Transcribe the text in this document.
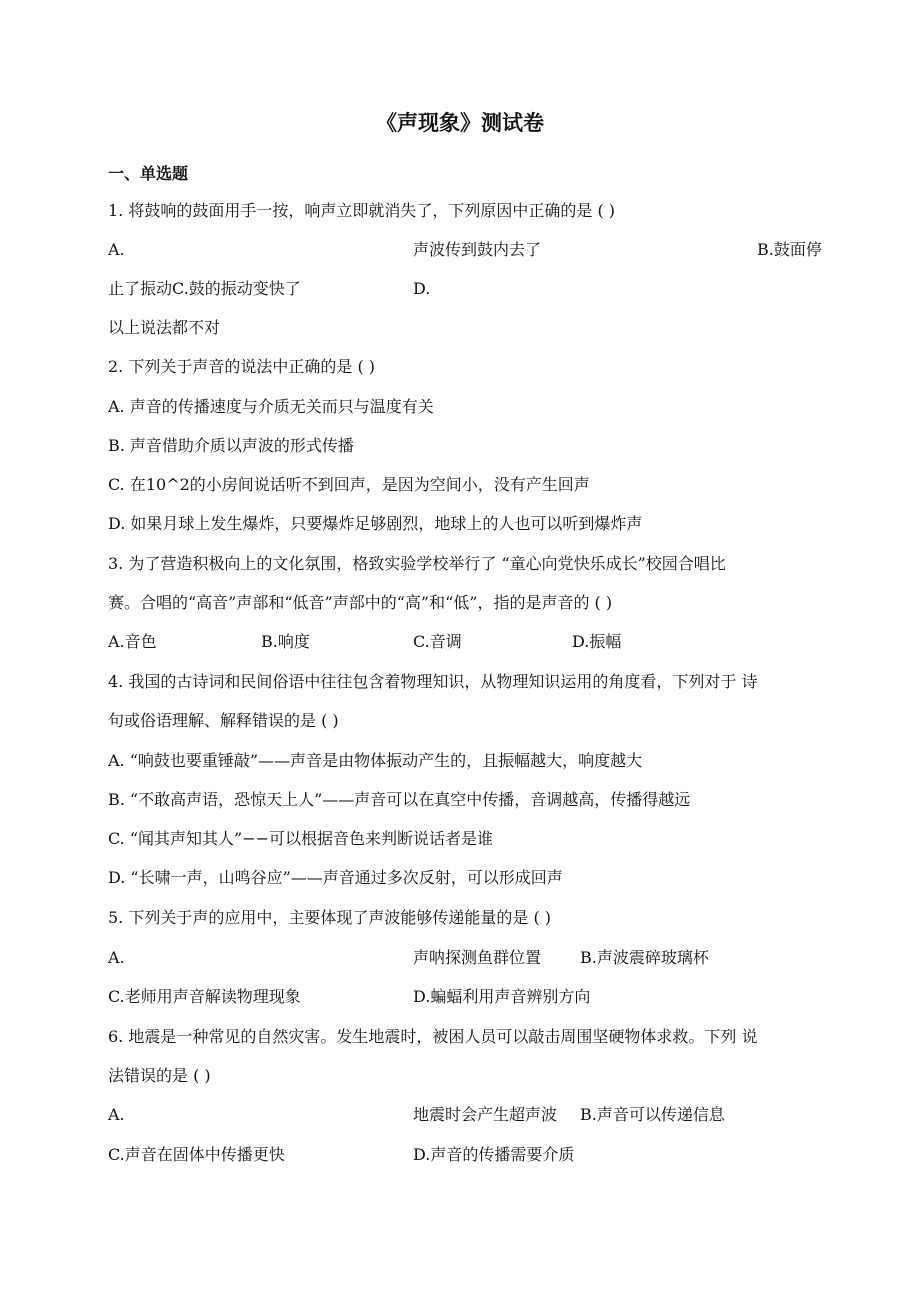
《声现象》测试卷
一、单选题
1. 将鼓响的鼓面用手一按，响声立即就消失了，下列原因中正确的是 ( )
A.	声波传到鼓内去了	B.鼓面停
止了振动C.鼓的振动变快了	D.
以上说法都不对
2. 下列关于声音的说法中正确的是 ( )
A. 声音的传播速度与介质无关而只与温度有关
B. 声音借助介质以声波的形式传播
C. 在10^2的小房间说话听不到回声，是因为空间小，没有产生回声
D. 如果月球上发生爆炸，只要爆炸足够剧烈，地球上的人也可以听到爆炸声
3. 为了营造积极向上的文化氛围，格致实验学校举行了 “童心向党快乐成长”校园合唱比
赛。合唱的“高音”声部和“低音”声部中的“高”和“低”，指的是声音的 ( )
A.音色	B.响度	C.音调	D.振幅
4. 我国的古诗词和民间俗语中往往包含着物理知识，从物理知识运用的角度看，下列对于 诗
句或俗语理解、解释错误的是 ( )
A. “响鼓也要重锤敲”——声音是由物体振动产生的，且振幅越大，响度越大
B. “不敢高声语，恐惊天上人”——声音可以在真空中传播，音调越高，传播得越远
C. “闻其声知其人”−−可以根据音色来判断说话者是谁
D. “长啸一声，山鸣谷应”——声音通过多次反射，可以形成回声
5. 下列关于声的应用中，主要体现了声波能够传递能量的是 ( )
A.	声呐探测鱼群位置 B.声波震碎玻璃杯
C.老师用声音解读物理现象	D.蝙蝠利用声音辨别方向
6. 地震是一种常见的自然灾害。发生地震时，被困人员可以敲击周围坚硬物体求救。下列 说
法错误的是 ( )
A.	地震时会产生超声波 B.声音可以传递信息
C.声音在固体中传播更快	D.声音的传播需要介质
